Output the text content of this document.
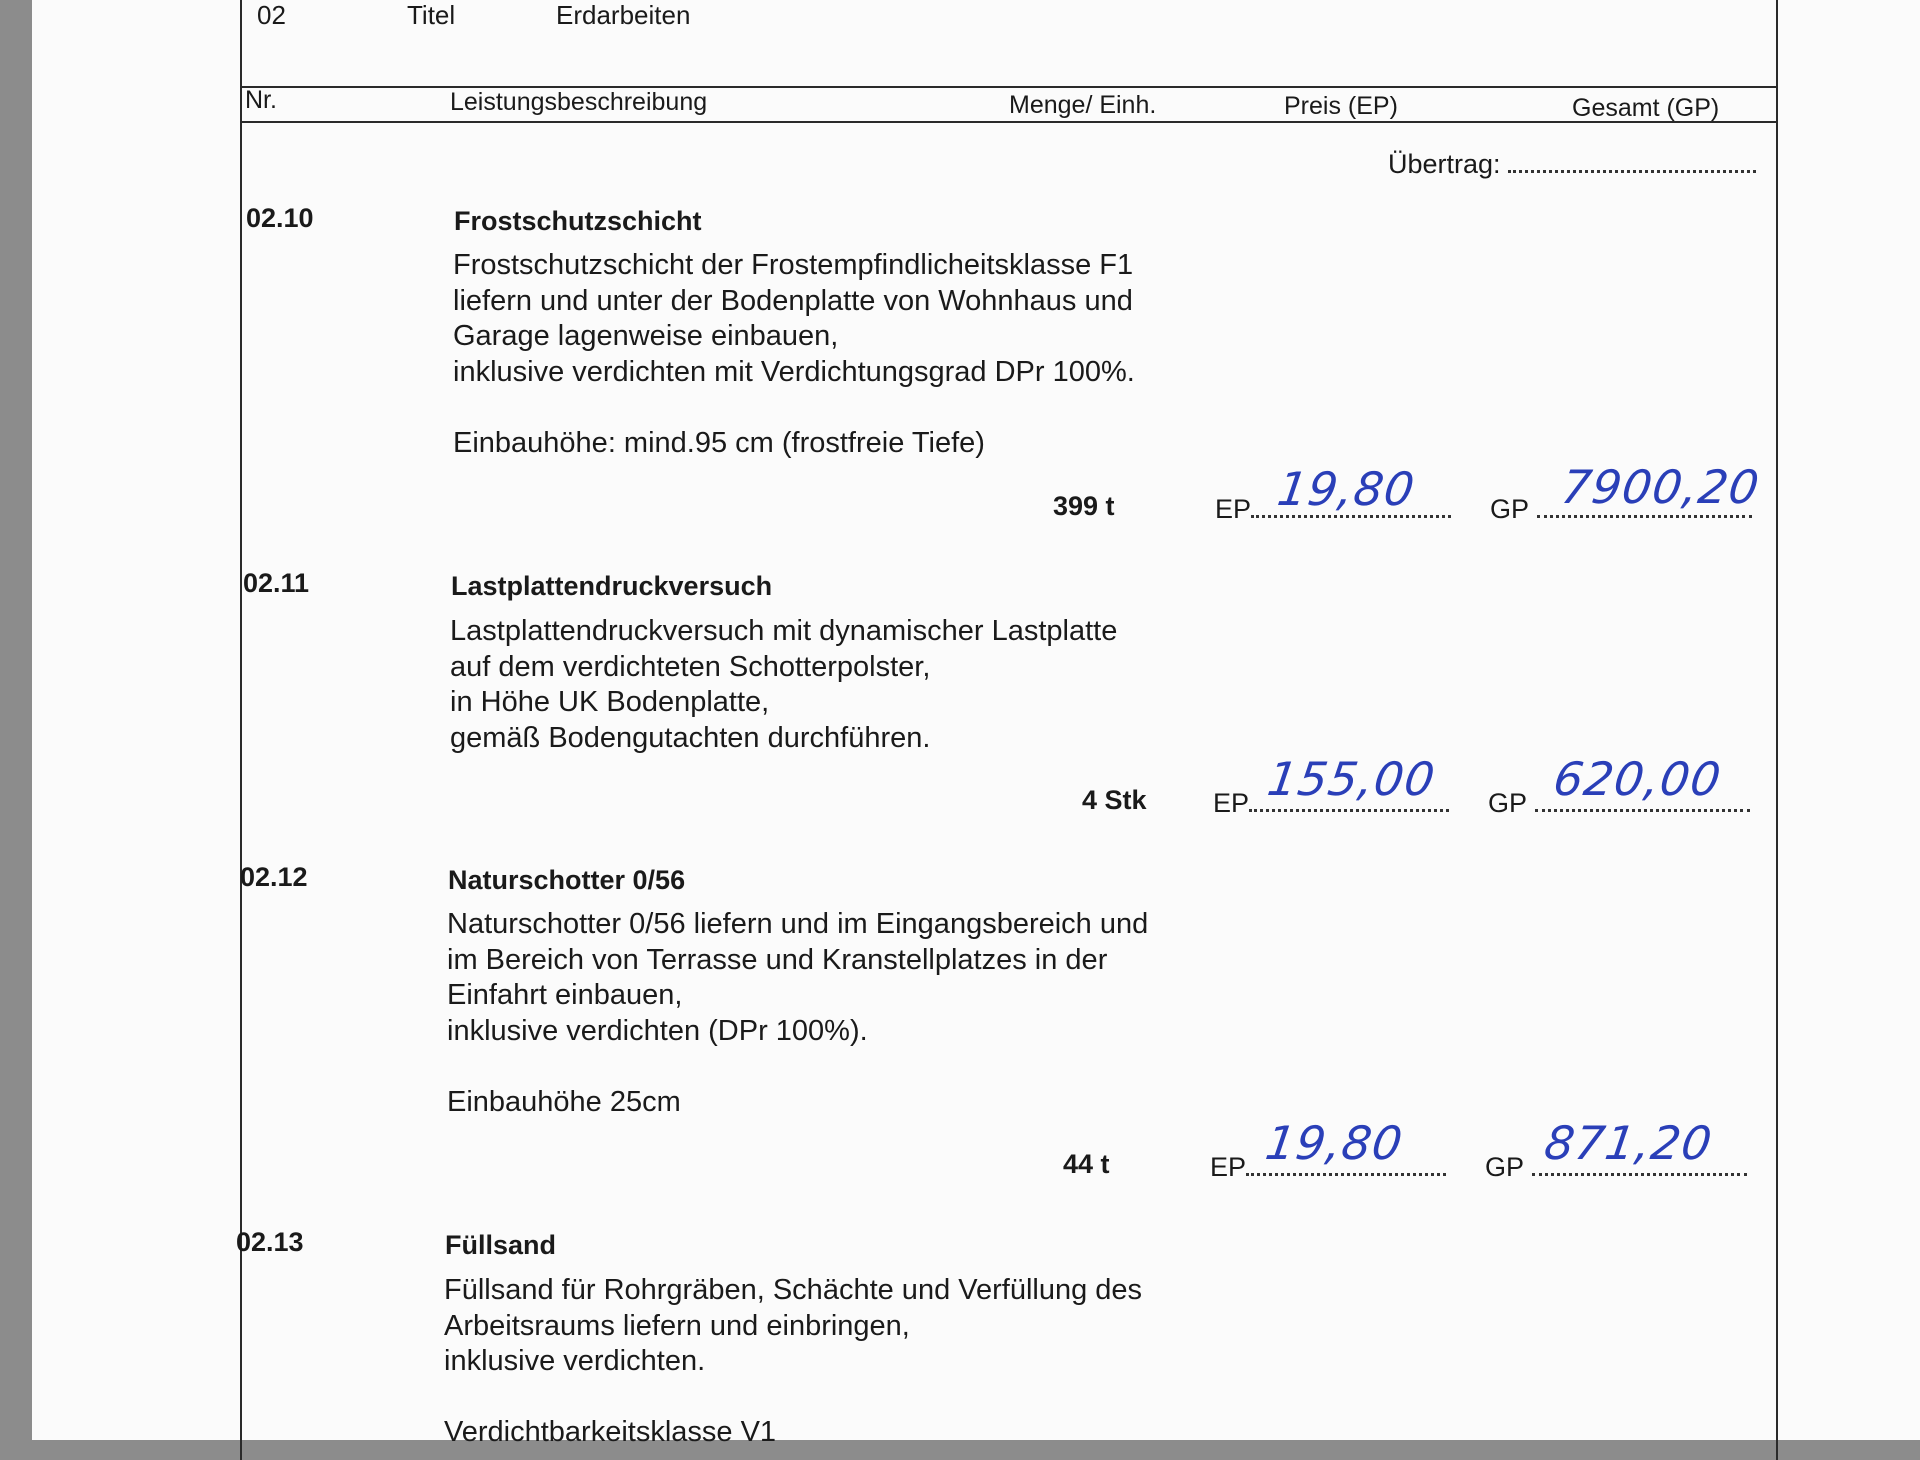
02	Titel	Erdarbeiten
Nr.	Leistungsbeschreibung	Menge/ Einh.	Preis (EP)	Gesamt (GP)
Übertrag:
02.10	Frostschutzschicht
Frostschutzschicht der Frostempfindlicheitsklasse F1
liefern und unter der Bodenplatte von Wohnhaus und
Garage lagenweise einbauen,
inklusive verdichten mit Verdichtungsgrad DPr 100%.

Einbauhöhe: mind.95 cm (frostfreie Tiefe)
399 t	EP 19,80	GP 7900,20
02.11	Lastplattendruckversuch
Lastplattendruckversuch mit dynamischer Lastplatte
auf dem verdichteten Schotterpolster,
in Höhe UK Bodenplatte,
gemäß Bodengutachten durchführen.
4 Stk EP 155,00 GP 620,00
02.12	Naturschotter 0/56
Naturschotter 0/56 liefern und im Eingangsbereich und
im Bereich von Terrasse und Kranstellplatzes in der
Einfahrt einbauen,
inklusive verdichten (DPr 100%).

Einbauhöhe 25cm
44 t	EP 19,80	GP 871,20
02.13	Füllsand
Füllsand für Rohrgräben, Schächte und Verfüllung des
Arbeitsraums liefern und einbringen,
inklusive verdichten.

Verdichtbarkeitsklasse V1
